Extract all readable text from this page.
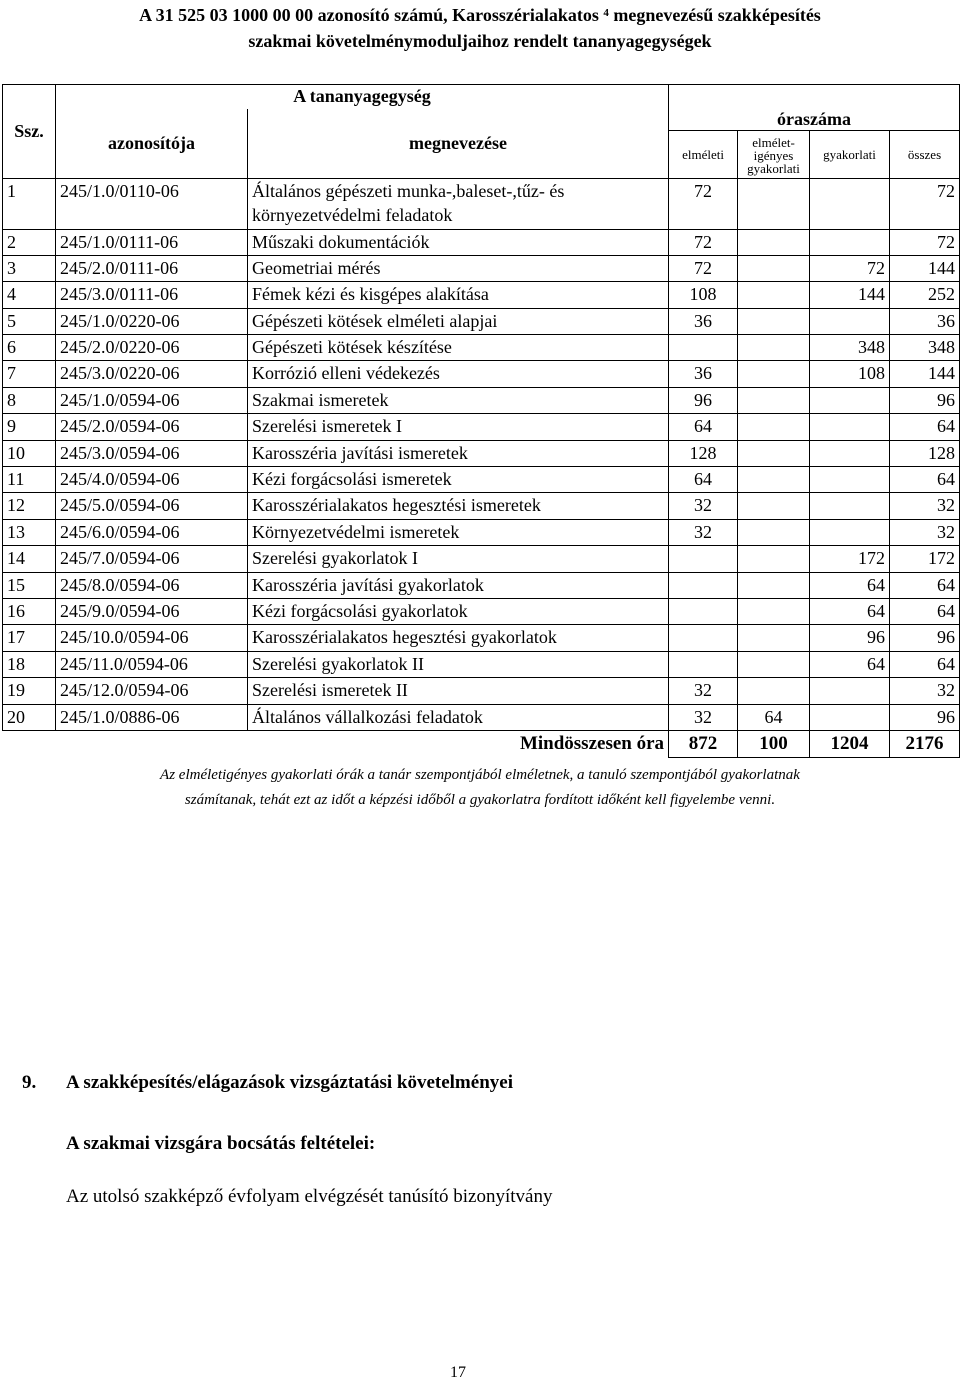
A 31 525 03 1000 00 00 azonosító számú, Karosszérialakatos $^4$ megnevezésű szakképesítés
szakmai követelménymoduljaihoz rendelt tananyagegységek
Ssz.	A tananyagegység					
	azonosítója	megnevezése	óraszáma			
			elméleti	elmélet-igényes gyakorlati	gyakorlati	összes
1	245/1.0/0110-06	Általános gépészeti munka-,baleset-,tűz- és környezetvédelmi feladatok	72			72
2	245/1.0/0111-06	Műszaki dokumentációk	72			72
3	245/2.0/0111-06	Geometriai mérés	72		72	144
4	245/3.0/0111-06	Fémek kézi és kisgépes alakítása	108		144	252
5	245/1.0/0220-06	Gépészeti kötések elméleti alapjai	36			36
6	245/2.0/0220-06	Gépészeti kötések készítése			348	348
7	245/3.0/0220-06	Korrózió elleni védekezés	36		108	144
8	245/1.0/0594-06	Szakmai ismeretek	96			96
9	245/2.0/0594-06	Szerelési ismeretek I	64			64
10	245/3.0/0594-06	Karosszéria javítási ismeretek	128			128
11	245/4.0/0594-06	Kézi forgácsolási ismeretek	64			64
12	245/5.0/0594-06	Karosszérialakatos hegesztési ismeretek	32			32
13	245/6.0/0594-06	Környezetvédelmi ismeretek	32			32
14	245/7.0/0594-06	Szerelési gyakorlatok I			172	172
15	245/8.0/0594-06	Karosszéria javítási gyakorlatok			64	64
16	245/9.0/0594-06	Kézi forgácsolási gyakorlatok			64	64
17	245/10.0/0594-06	Karosszérialakatos hegesztési gyakorlatok			96	96
18	245/11.0/0594-06	Szerelési gyakorlatok II			64	64
19	245/12.0/0594-06	Szerelési ismeretek II	32			32
20	245/1.0/0886-06	Általános vállalkozási feladatok	32	64		96
	Mindösszesen óra		872	100	1204	2176
Az elméletigényes gyakorlati órák a tanár szempontjából elméletnek, a tanuló szempontjából gyakorlatnak
számítanak, tehát ezt az időt a képzési időből a gyakorlatra fordított időként kell figyelembe venni.
9. A szakképesítés/elágazások vizsgáztatási követelményei
A szakmai vizsgára bocsátás feltételei:
Az utolsó szakképző évfolyam elvégzését tanúsító bizonyítvány
17
